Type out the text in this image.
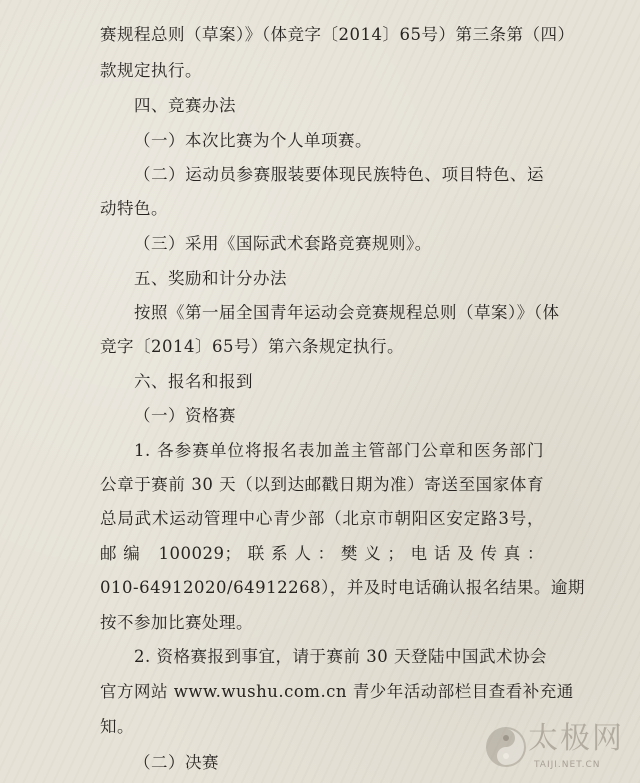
赛规程总则（草案）》（体竞字〔2014〕65号）第三条第（四）
款规定执行。
四、竞赛办法
（一）本次比赛为个人单项赛。
（二）运动员参赛服装要体现民族特色、项目特色、运
动特色。
（三）采用《国际武术套路竞赛规则》。
五、奖励和计分办法
按照《第一届全国青年运动会竞赛规程总则（草案）》（体
竞字〔2014〕65号）第六条规定执行。
六、报名和报到
（一）资格赛
1. 各参赛单位将报名表加盖主管部门公章和医务部门
公章于赛前 30 天（以到达邮戳日期为准）寄送至国家体育
总局武术运动管理中心青少部（北京市朝阳区安定路3号，
邮编 100029；联系人：樊义；电话及传真：
010-64912020/64912268），并及时电话确认报名结果。逾期
按不参加比赛处理。
2. 资格赛报到事宜，请于赛前 30 天登陆中国武术协会
官方网站 www.wushu.com.cn 青少年活动部栏目查看补充通
知。
（二）决赛
太极网
TAIJI.NET.CN
